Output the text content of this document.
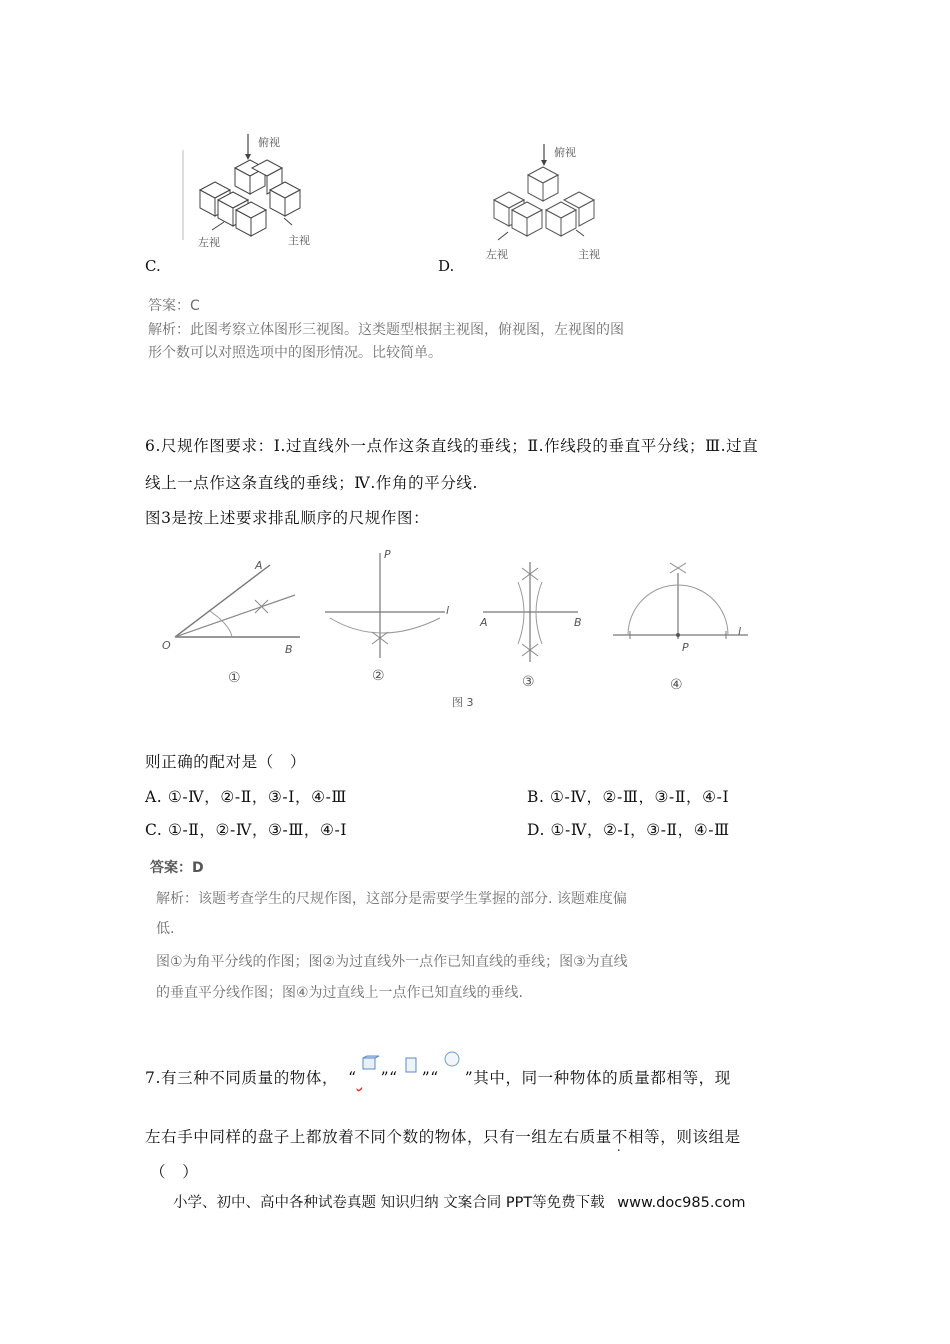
俯视
左视	主视
C.
俯视
左视	主视
D.
答案：C
解析：此图考察立体图形三视图。这类题型根据主视图，俯视图，左视图的图
形个数可以对照选项中的图形情况。比较简单。
6.尺规作图要求：Ⅰ.过直线外一点作这条直线的垂线；Ⅱ.作线段的垂直平分线；Ⅲ.过直
线上一点作这条直线的垂线；Ⅳ.作角的平分线.
图3是按上述要求排乱顺序的尺规作图：
A
O	B
①
P
l
②
A	B
③
P
l
④
图 3
则正确的配对是（　）
A. ①-Ⅳ，②-Ⅱ，③-Ⅰ，④-Ⅲ	B. ①-Ⅳ，②-Ⅲ，③-Ⅱ，④-Ⅰ
C. ①-Ⅱ，②-Ⅳ，③-Ⅲ，④-Ⅰ	D. ①-Ⅳ，②-Ⅰ，③-Ⅱ，④-Ⅲ
答案：D
解析：该题考查学生的尺规作图，这部分是需要学生掌握的部分. 该题难度偏
低.
图①为角平分线的作图；图②为过直线外一点作已知直线的垂线；图③为直线
的垂直平分线作图；图④为过直线上一点作已知直线的垂线.
7.有三种不同质量的物体， “
” “ ” “ ” 其中，同一种物体的质量都相等，现
左右手中同样的盘子上都放着不同个数的物体，只有一组左右质量不相等，则该组是
（　）
小学、初中、高中各种试卷真题 知识归纳 文案合同 PPT等免费下载 www.doc985.com
